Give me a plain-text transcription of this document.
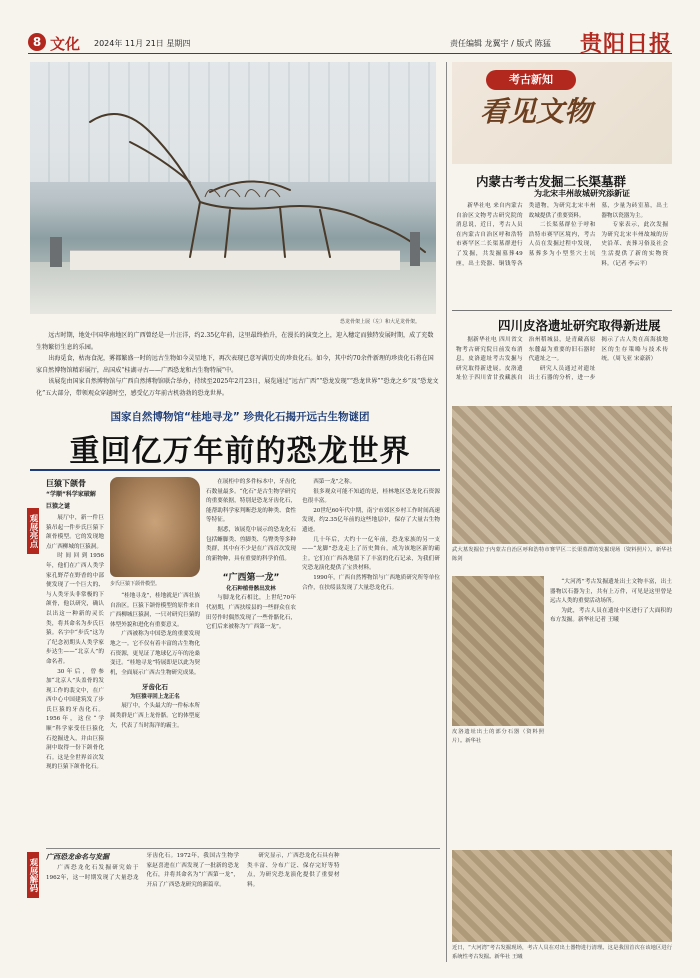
8 文化 2024年 11月 21日 星期四	责任编辑 龙翼宇 / 版式 陈猛 贵阳日报
恐龙骨架上展（左）和大足龙骨架。
远古时期，地处中国华南地区的广西曾经是一片汪洋，约2.35亿年前，这里最终抬升，在漫长的演变之上，迎入穗定而独特发展时期，成了充数生物繁衍生息的乐园。
出海觅食，枯海食泥，雾都繁盛一时的远古生物如今灵星地下，再次表现已意写满历史的珍贵化石。如今，其中约70余件新理的珍贵化石将在国家自然博物馆精彩展厅，出国成“桂湖寻古——广西恐龙和古生物特展”中。
该展览由国家自然博物馆与广西自然博物馆联合举办，持续至2025年2月23日，展览通过“远古广西”“恐龙发现”“恐龙世界”“恐龙之乡”及“恐龙文化”五大部分，带领观众穿越时空，感受亿万年前古机勃勃的恐龙世界。
国家自然博物馆“桂地寻龙” 珍贵化石揭开远古生物谜团
重回亿万年前的恐龙世界
观展亮点
观展解码
巨猿下颌骨
“学顺”科学家破解
巨猿之谜

展厅中，新一件巨猿吊起一件步氏巨猿下颌骨模型。它的发现地点广西柳城的巨猿洞。

时间回到1956年，他们在广西人类学家孔野芹在野香的中部便发现了一个巨大的、与人类牙头非常极的下颌骨，他以研究，确认以出这一种新的灵长类，将其命名为步氏巨猿。名字中“步氏”这为了纪念初期头人类学家步达生——“北京人”的命名者。

30年后，曾参加“北京人”头盖骨的发现工作的裴文中，在广西中心中国建筑发了步氏巨猿的牙齿化石。1956年，这位“学顺”科学家受任巨猿化石挖掘进入，并由巨猿洞中取得一份下颌骨化石。这是全世界首次发现的巨猿下颌骨化石。

步氏巨猿下颌骨模型。

“桂地寻龙”，桂地就是广西壮族自治区。巨猿下颌骨模型的原件来自广西柳城巨猿洞，一只对研究巨猿的体型外貌和进化有重要意义。

广西被称为中国恐龙的重要发现地之一。它不仅有着丰富的古生物化石资源，更见证了地球亿万年的沧桑变迁。“桂地寻龙”特展即是以此为契机，全面展示广西古生物研究成果。

牙齿化石
为巨猿寻回上龙正名

展厅中，个头最大的一件标本所属类群是广西上龙骨骼。它的体型庞大，代表了当时海洋的霸主。

在展柜中的多件标本中，牙齿化石数量最多。“化石”是古生物学研究的重要依据，特别是恐龙牙齿化石，能帮助科学家判断恐龙的种类、食性等特征。

据悉，该展览中展示的恐龙化石包括蜥脚类、兽脚类、鸟臀类等多种类群，其中有不少是在广西首次发现的新物种，具有重要的科学价值。

“广西第一龙”
化石种植骨骸出发林

与脚龙化石相比，上世纪70年代初期，广西扶绥县的一些群众在农田劳作时偶然发现了一些骨骼化石，它们后来被称为“广西第一龙”。

西第一龙”之称。

很多观众可能不知道的是，桂林地区恐龙化石资源也很丰富。

20世纪60年代中期，南宁市郊区乡村工作时间高速发现，约2.35亿年前的这些地层中，保存了大量古生物遗迹。

几十年后，大约十一亿年前，恐龙家族的另一支——“龙脚”恐龙走上了历史舞台，成为该地区新的霸主。它们在广西各地留下了丰富的化石记录，为我们研究恐龙演化提供了宝贵材料。

1990年，广西自然博物馆与广西地质研究所等单位合作，在扶绥县发现了大量恐龙化石。

广西恐龙命名与发掘

广西恐龙化石发掘研究始于1962年，这一时期发现了大量恐龙牙齿化石。1972年，我国古生物学家赵喜进在广西发现了一批新的恐龙化石，并将其命名为“广西第一龙”，开启了广西恐龙研究的新篇章。

研究显示，广西恐龙化石具有种类丰富、分布广泛、保存完好等特点，为研究恐龙演化提供了重要材料。

考古新知
看见文物
内蒙古考古发掘二长渠墓群
为北宋丰州故城研究添新证

新华社电 来自内蒙古自治区文物考古研究院的消息说，近日，考古人员在内蒙古自治区呼和浩特市赛罕区二长渠墓群进行了发掘，共发掘墓葬49座，出土瓷器、铜钱等各类遗物，为研究北宋丰州故城提供了重要资料。

二长渠墓群位于呼和浩特市赛罕区境内，考古人员在发掘过程中发现，墓葬多为小型竖穴土坑墓，少量为砖室墓，出土器物以瓷器为主。

专家表示，此次发掘为研究北宋丰州故城的历史沿革、丧葬习俗及社会生活提供了新的实物资料。（记者 李云平）

四川皮洛遗址研究取得新进展

据新华社电 四川省文物考古研究院日前发布消息，皮洛遗址考古发掘与研究取得新进展。皮洛遗址位于四川省甘孜藏族自治州稻城县，是青藏高原东麓最为重要的旧石器时代遗址之一。

研究人员通过对遗址出土石器的分析，进一步揭示了古人类在高海拔地区的生存策略与技术传统。（周飞亚 宋豪新）

武大墓发掘位于内蒙古自治区呼和浩特市赛罕区二长渠墓群的发掘现场（资料照片）。新华社 陈剑

“大河湾”考古发掘遗址出土文物丰富，出土器物以石器为主，共有上万件，可见是这里曾是远古人类的重要活动场所。

为此，考古人员在遗址中区进行了大面积的布方发掘。新华社记者 王曦

皮洛遗址出土的部分石器（资料照片）。新华社
近日，“大河湾”考古发掘现场，考古人员在对出土器物进行清理。这是我国首次在该地区进行系统性考古发掘。新华社 王曦
